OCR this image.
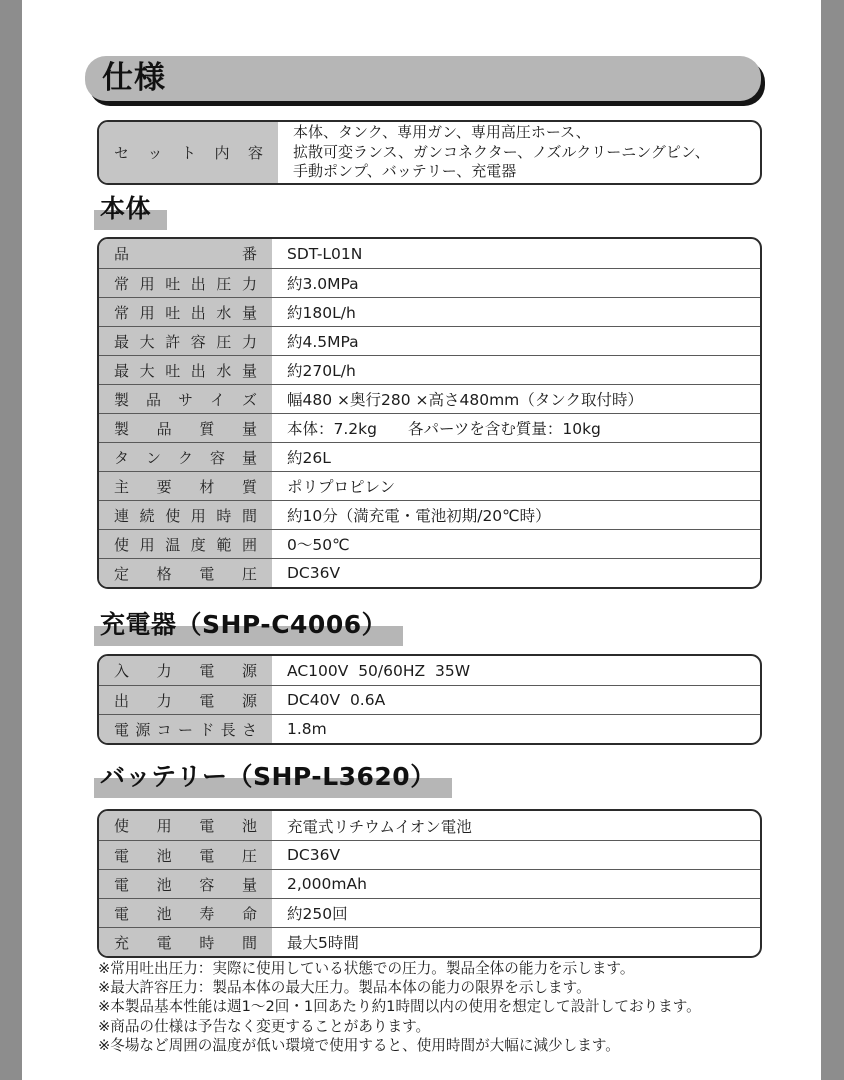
仕様
セ ッ ト 内 容
本体、タンク、専用ガン、専用高圧ホース、
拡散可変ランス、ガンコネクター、ノズルクリーニングピン、
手動ポンプ、バッテリー、充電器
本体
品	番	SDT-L01N
常 用 吐 出 圧 力	約3.0MPa
常 用 吐 出 水 量	約180L/h
最 大 許 容 圧 力	約4.5MPa
最 大 吐 出 水 量	約270L/h
製 品 サ イ ズ	幅480 ×奥行280 ×高さ480mm（タンク取付時）
製 品 質 量	本体：7.2kg　　各パーツを含む質量：10kg
タ ン ク 容 量	約26L
主 要 材 質	ポリプロピレン
連 続 使 用 時 間	約10分（満充電・電池初期/20℃時）
使 用 温 度 範 囲	0～50℃
定 格 電 圧	DC36V
充電器（SHP-C4006）
入 力 電 源	AC100V  50/60HZ  35W
出 力 電 源	DC40V  0.6A
電 源 コ ー ド 長 さ	1.8m
バッテリー（SHP-L3620）
使 用 電 池	充電式リチウムイオン電池
電 池 電 圧	DC36V
電 池 容 量	2,000mAh
電 池 寿 命	約250回
充 電 時 間	最大5時間
※常用吐出圧力：実際に使用している状態での圧力。製品全体の能力を示します。
※最大許容圧力：製品本体の最大圧力。製品本体の能力の限界を示します。
※本製品基本性能は週1～2回・1回あたり約1時間以内の使用を想定して設計しております。
※商品の仕様は予告なく変更することがあります。
※冬場など周囲の温度が低い環境で使用すると、使用時間が大幅に減少します。
